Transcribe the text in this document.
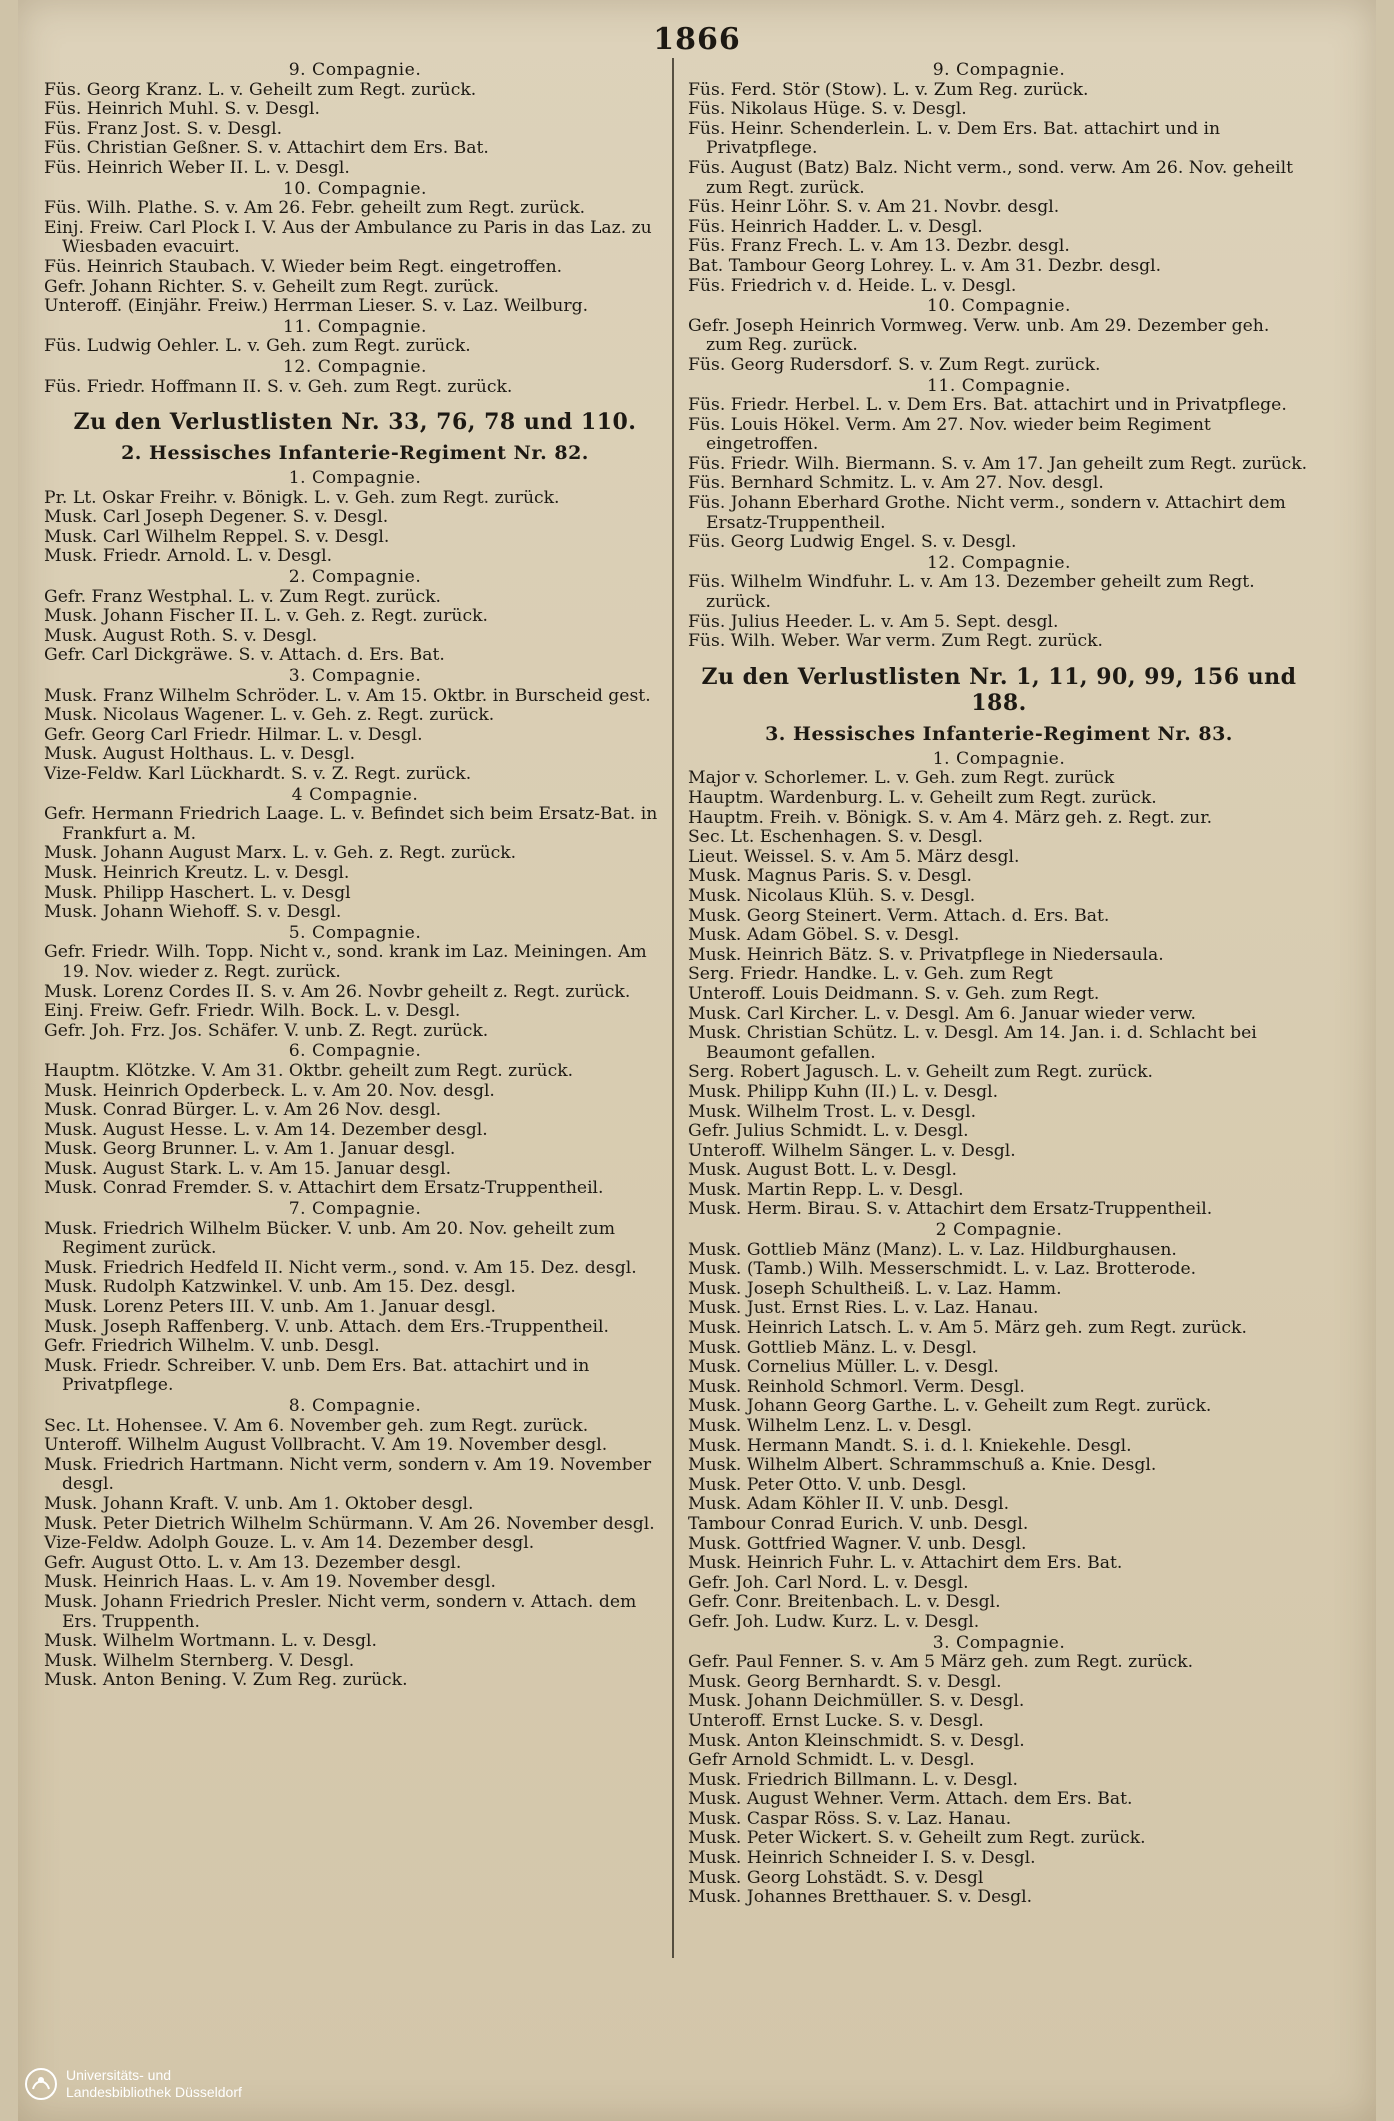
1866
9. Compagnie.
Füs. Georg Kranz. L. v. Geheilt zum Regt. zurück.
Füs. Heinrich Muhl. S. v. Desgl.
Füs. Franz Jost. S. v. Desgl.
Füs. Christian Geßner. S. v. Attachirt dem Ers. Bat.
Füs. Heinrich Weber II. L. v. Desgl.
10. Compagnie.
Füs. Wilh. Plathe. S. v. Am 26. Febr. geheilt zum Regt. zurück.
Einj. Freiw. Carl Plock I. V. Aus der Ambulance zu Paris in das Laz. zu Wiesbaden evacuirt.
Füs. Heinrich Staubach. V. Wieder beim Regt. eingetroffen.
Gefr. Johann Richter. S. v. Geheilt zum Regt. zurück.
Unteroff. (Einjähr. Freiw.) Herrman Lieser. S. v. Laz. Weilburg.
11. Compagnie.
Füs. Ludwig Oehler. L. v. Geh. zum Regt. zurück.
12. Compagnie.
Füs. Friedr. Hoffmann II. S. v. Geh. zum Regt. zurück.
Zu den Verlustlisten Nr. 33, 76, 78 und 110.
2. Hessisches Infanterie-Regiment Nr. 82.
1. Compagnie.
Pr. Lt. Oskar Freihr. v. Bönigk. L. v. Geh. zum Regt. zurück.
Musk. Carl Joseph Degener. S. v. Desgl.
Musk. Carl Wilhelm Reppel. S. v. Desgl.
Musk. Friedr. Arnold. L. v. Desgl.
2. Compagnie.
Gefr. Franz Westphal. L. v. Zum Regt. zurück.
Musk. Johann Fischer II. L. v. Geh. z. Regt. zurück.
Musk. August Roth. S. v. Desgl.
Gefr. Carl Dickgräwe. S. v. Attach. d. Ers. Bat.
3. Compagnie.
Musk. Franz Wilhelm Schröder. L. v. Am 15. Oktbr. in Burscheid gest.
Musk. Nicolaus Wagener. L. v. Geh. z. Regt. zurück.
Gefr. Georg Carl Friedr. Hilmar. L. v. Desgl.
Musk. August Holthaus. L. v. Desgl.
Vize-Feldw. Karl Lückhardt. S. v. Z. Regt. zurück.
4 Compagnie.
Gefr. Hermann Friedrich Laage. L. v. Befindet sich beim Ersatz-Bat. in Frankfurt a. M.
Musk. Johann August Marx. L. v. Geh. z. Regt. zurück.
Musk. Heinrich Kreutz. L. v. Desgl.
Musk. Philipp Haschert. L. v. Desgl
Musk. Johann Wiehoff. S. v. Desgl.
5. Compagnie.
Gefr. Friedr. Wilh. Topp. Nicht v., sond. krank im Laz. Meiningen. Am 19. Nov. wieder z. Regt. zurück.
Musk. Lorenz Cordes II. S. v. Am 26. Novbr geheilt z. Regt. zurück.
Einj. Freiw. Gefr. Friedr. Wilh. Bock. L. v. Desgl.
Gefr. Joh. Frz. Jos. Schäfer. V. unb. Z. Regt. zurück.
6. Compagnie.
Hauptm. Klötzke. V. Am 31. Oktbr. geheilt zum Regt. zurück.
Musk. Heinrich Opderbeck. L. v. Am 20. Nov. desgl.
Musk. Conrad Bürger. L. v. Am 26 Nov. desgl.
Musk. August Hesse. L. v. Am 14. Dezember desgl.
Musk. Georg Brunner. L. v. Am 1. Januar desgl.
Musk. August Stark. L. v. Am 15. Januar desgl.
Musk. Conrad Fremder. S. v. Attachirt dem Ersatz-Truppentheil.
7. Compagnie.
Musk. Friedrich Wilhelm Bücker. V. unb. Am 20. Nov. geheilt zum Regiment zurück.
Musk. Friedrich Hedfeld II. Nicht verm., sond. v. Am 15. Dez. desgl.
Musk. Rudolph Katzwinkel. V. unb. Am 15. Dez. desgl.
Musk. Lorenz Peters III. V. unb. Am 1. Januar desgl.
Musk. Joseph Raffenberg. V. unb. Attach. dem Ers.-Truppentheil.
Gefr. Friedrich Wilhelm. V. unb. Desgl.
Musk. Friedr. Schreiber. V. unb. Dem Ers. Bat. attachirt und in Privatpflege.
8. Compagnie.
Sec. Lt. Hohensee. V. Am 6. November geh. zum Regt. zurück.
Unteroff. Wilhelm August Vollbracht. V. Am 19. November desgl.
Musk. Friedrich Hartmann. Nicht verm, sondern v. Am 19. November desgl.
Musk. Johann Kraft. V. unb. Am 1. Oktober desgl.
Musk. Peter Dietrich Wilhelm Schürmann. V. Am 26. November desgl.
Vize-Feldw. Adolph Gouze. L. v. Am 14. Dezember desgl.
Gefr. August Otto. L. v. Am 13. Dezember desgl.
Musk. Heinrich Haas. L. v. Am 19. November desgl.
Musk. Johann Friedrich Presler. Nicht verm, sondern v. Attach. dem Ers. Truppenth.
Musk. Wilhelm Wortmann. L. v. Desgl.
Musk. Wilhelm Sternberg. V. Desgl.
Musk. Anton Bening. V. Zum Reg. zurück.
9. Compagnie.
Füs. Ferd. Stör (Stow). L. v. Zum Reg. zurück.
Füs. Nikolaus Hüge. S. v. Desgl.
Füs. Heinr. Schenderlein. L. v. Dem Ers. Bat. attachirt und in Privatpflege.
Füs. August (Batz) Balz. Nicht verm., sond. verw. Am 26. Nov. geheilt zum Regt. zurück.
Füs. Heinr Löhr. S. v. Am 21. Novbr. desgl.
Füs. Heinrich Hadder. L. v. Desgl.
Füs. Franz Frech. L. v. Am 13. Dezbr. desgl.
Bat. Tambour Georg Lohrey. L. v. Am 31. Dezbr. desgl.
Füs. Friedrich v. d. Heide. L. v. Desgl.
10. Compagnie.
Gefr. Joseph Heinrich Vormweg. Verw. unb. Am 29. Dezember geh. zum Reg. zurück.
Füs. Georg Rudersdorf. S. v. Zum Regt. zurück.
11. Compagnie.
Füs. Friedr. Herbel. L. v. Dem Ers. Bat. attachirt und in Privatpflege.
Füs. Louis Hökel. Verm. Am 27. Nov. wieder beim Regiment eingetroffen.
Füs. Friedr. Wilh. Biermann. S. v. Am 17. Jan geheilt zum Regt. zurück.
Füs. Bernhard Schmitz. L. v. Am 27. Nov. desgl.
Füs. Johann Eberhard Grothe. Nicht verm., sondern v. Attachirt dem Ersatz-Truppentheil.
Füs. Georg Ludwig Engel. S. v. Desgl.
12. Compagnie.
Füs. Wilhelm Windfuhr. L. v. Am 13. Dezember geheilt zum Regt. zurück.
Füs. Julius Heeder. L. v. Am 5. Sept. desgl.
Füs. Wilh. Weber. War verm. Zum Regt. zurück.
Zu den Verlustlisten Nr. 1, 11, 90, 99, 156 und 188.
3. Hessisches Infanterie-Regiment Nr. 83.
1. Compagnie.
Major v. Schorlemer. L. v. Geh. zum Regt. zurück
Hauptm. Wardenburg. L. v. Geheilt zum Regt. zurück.
Hauptm. Freih. v. Bönigk. S. v. Am 4. März geh. z. Regt. zur.
Sec. Lt. Eschenhagen. S. v. Desgl.
Lieut. Weissel. S. v. Am 5. März desgl.
Musk. Magnus Paris. S. v. Desgl.
Musk. Nicolaus Klüh. S. v. Desgl.
Musk. Georg Steinert. Verm. Attach. d. Ers. Bat.
Musk. Adam Göbel. S. v. Desgl.
Musk. Heinrich Bätz. S. v. Privatpflege in Niedersaula.
Serg. Friedr. Handke. L. v. Geh. zum Regt
Unteroff. Louis Deidmann. S. v. Geh. zum Regt.
Musk. Carl Kircher. L. v. Desgl. Am 6. Januar wieder verw.
Musk. Christian Schütz. L. v. Desgl. Am 14. Jan. i. d. Schlacht bei Beaumont gefallen.
Serg. Robert Jagusch. L. v. Geheilt zum Regt. zurück.
Musk. Philipp Kuhn (II.) L. v. Desgl.
Musk. Wilhelm Trost. L. v. Desgl.
Gefr. Julius Schmidt. L. v. Desgl.
Unteroff. Wilhelm Sänger. L. v. Desgl.
Musk. August Bott. L. v. Desgl.
Musk. Martin Repp. L. v. Desgl.
Musk. Herm. Birau. S. v. Attachirt dem Ersatz-Truppentheil.
2 Compagnie.
Musk. Gottlieb Mänz (Manz). L. v. Laz. Hildburghausen.
Musk. (Tamb.) Wilh. Messerschmidt. L. v. Laz. Brotterode.
Musk. Joseph Schultheiß. L. v. Laz. Hamm.
Musk. Just. Ernst Ries. L. v. Laz. Hanau.
Musk. Heinrich Latsch. L. v. Am 5. März geh. zum Regt. zurück.
Musk. Gottlieb Mänz. L. v. Desgl.
Musk. Cornelius Müller. L. v. Desgl.
Musk. Reinhold Schmorl. Verm. Desgl.
Musk. Johann Georg Garthe. L. v. Geheilt zum Regt. zurück.
Musk. Wilhelm Lenz. L. v. Desgl.
Musk. Hermann Mandt. S. i. d. l. Kniekehle. Desgl.
Musk. Wilhelm Albert. Schrammschuß a. Knie. Desgl.
Musk. Peter Otto. V. unb. Desgl.
Musk. Adam Köhler II. V. unb. Desgl.
Tambour Conrad Eurich. V. unb. Desgl.
Musk. Gottfried Wagner. V. unb. Desgl.
Musk. Heinrich Fuhr. L. v. Attachirt dem Ers. Bat.
Gefr. Joh. Carl Nord. L. v. Desgl.
Gefr. Conr. Breitenbach. L. v. Desgl.
Gefr. Joh. Ludw. Kurz. L. v. Desgl.
3. Compagnie.
Gefr. Paul Fenner. S. v. Am 5 März geh. zum Regt. zurück.
Musk. Georg Bernhardt. S. v. Desgl.
Musk. Johann Deichmüller. S. v. Desgl.
Unteroff. Ernst Lucke. S. v. Desgl.
Musk. Anton Kleinschmidt. S. v. Desgl.
Gefr Arnold Schmidt. L. v. Desgl.
Musk. Friedrich Billmann. L. v. Desgl.
Musk. August Wehner. Verm. Attach. dem Ers. Bat.
Musk. Caspar Röss. S. v. Laz. Hanau.
Musk. Peter Wickert. S. v. Geheilt zum Regt. zurück.
Musk. Heinrich Schneider I. S. v. Desgl.
Musk. Georg Lohstädt. S. v. Desgl
Musk. Johannes Bretthauer. S. v. Desgl.
Universitäts- und
Landesbibliothek Düsseldorf
